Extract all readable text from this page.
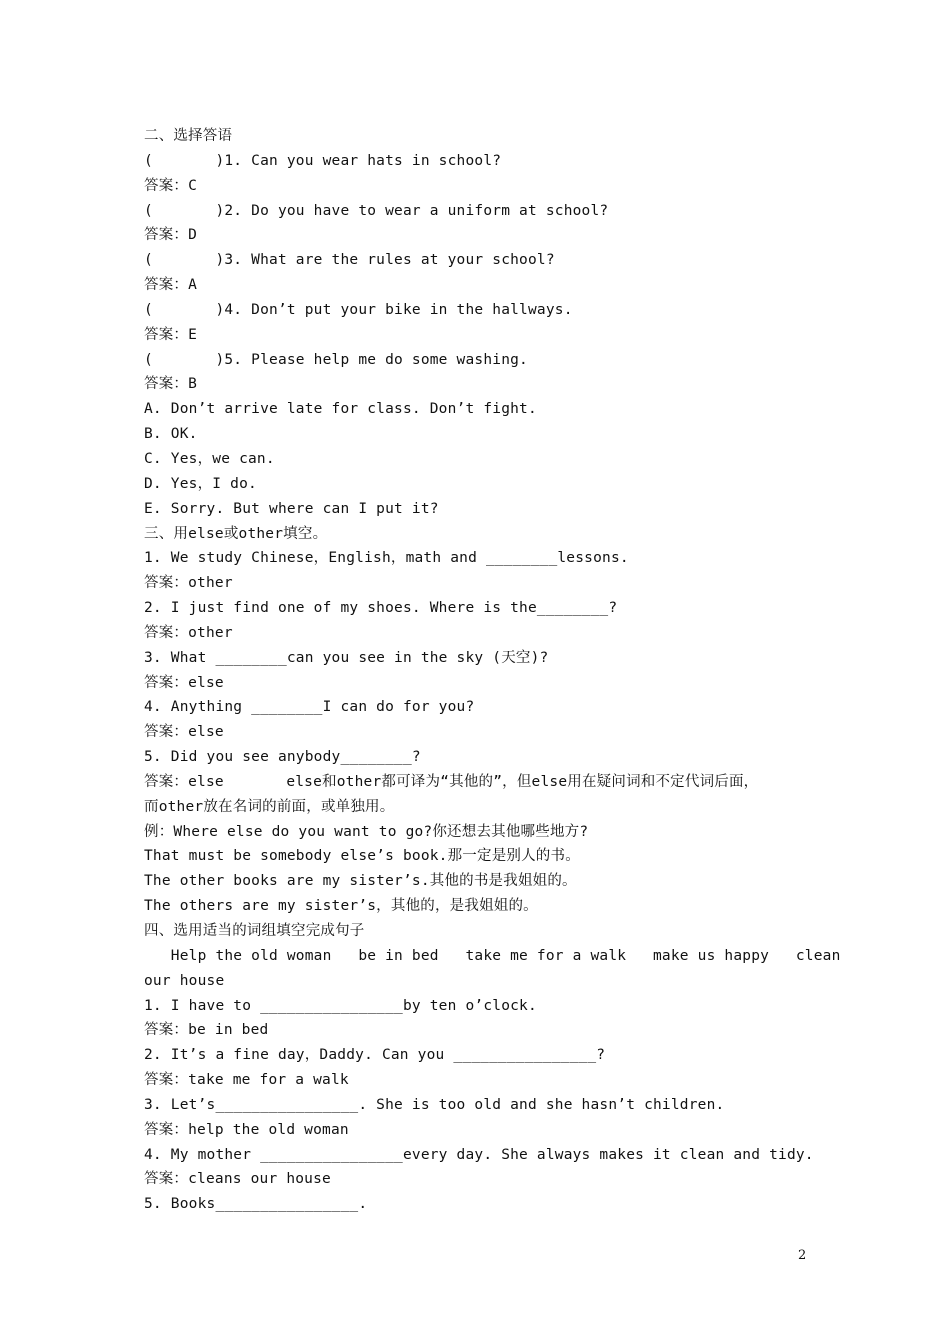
二、选择答语
(       )1. Can you wear hats in school?
答案：C
(       )2. Do you have to wear a uniform at school?
答案：D
(       )3. What are the rules at your school?
答案：A
(       )4. Don’t put your bike in the hallways.
答案：E
(       )5. Please help me do some washing.
答案：B
A. Don’t arrive late for class. Don’t fight.
B. OK.
C. Yes，we can.
D. Yes，I do.
E. Sorry. But where can I put it?
三、用else或other填空。
1. We study Chinese，English，math and ________lessons.
答案：other
2. I just find one of my shoes. Where is the________?
答案：other
3. What ________can you see in the sky (天空)?
答案：else
4. Anything ________I can do for you?
答案：else
5. Did you see anybody________?
答案：else       else和other都可译为“其他的”，但else用在疑问词和不定代词后面，
而other放在名词的前面，或单独用。
例：Where else do you want to go?你还想去其他哪些地方?
That must be somebody else’s book.那一定是别人的书。
The other books are my sister’s.其他的书是我姐姐的。
The others are my sister’s，其他的，是我姐姐的。
四、选用适当的词组填空完成句子
Help the old woman   be in bed   take me for a walk   make us happy   clean
our house
1. I have to ________________by ten o’clock.
答案：be in bed
2. It’s a fine day，Daddy. Can you ________________?
答案：take me for a walk
3. Let’s________________. She is too old and she hasn’t children.
答案：help the old woman
4. My mother ________________every day. She always makes it clean and tidy.
答案：cleans our house
5. Books________________.
2
